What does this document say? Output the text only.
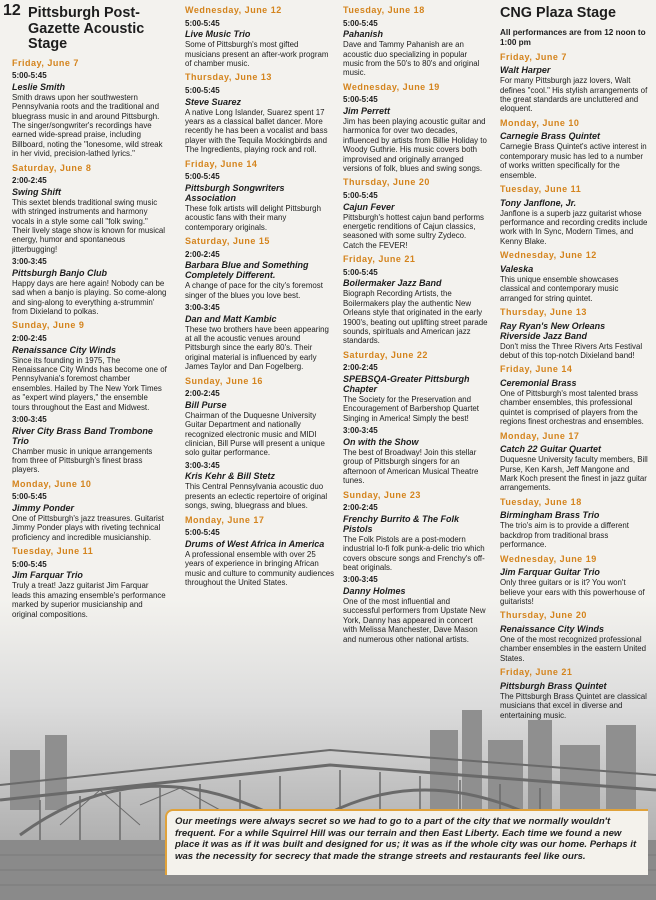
12 Pittsburgh Post-Gazette Acoustic Stage
Friday, June 7
5:00-5:45
Leslie Smith
Smith draws upon her southwestern Pennsylvania roots and the traditional and bluegrass music in and around Pittsburgh. The singer/songwriter's recordings have earned wide-spread praise, including Billboard, noting the "lonesome, wild streak in her vivid, precision-lathed lyrics."
Saturday, June 8
2:00-2:45
Swing Shift
This sextet blends traditional swing music with stringed instruments and harmony vocals in a style some call "folk swing." Their lively stage show is known for musical energy, humor and spontaneous jitterbugging!
3:00-3:45
Pittsburgh Banjo Club
Happy days are here again! Nobody can be sad when a banjo is playing. So come-along and sing-along to everything a-strummin' from Dixieland to polkas.
Sunday, June 9
2:00-2:45
Renaissance City Winds
Since its founding in 1975, The Renaissance City Winds has become one of Pennsylvania's foremost chamber ensembles. Hailed by The New York Times as "expert wind players," the ensemble tours throughout the East and Midwest.
3:00-3:45
River City Brass Band Trombone Trio
Chamber music in unique arrangements from three of Pittsburgh's finest brass players.
Monday, June 10
5:00-5:45
Jimmy Ponder
One of Pittsburgh's jazz treasures. Guitarist Jimmy Ponder plays with riveting technical proficiency and incredible musicianship.
Tuesday, June 11
5:00-5:45
Jim Farquar Trio
Truly a treat! Jazz guitarist Jim Farquar leads this amazing ensemble's performance marked by superior musicianship and original compositions.
Wednesday, June 12
5:00-5:45
Live Music Trio
Some of Pittsburgh's most gifted musicians present an after-work program of chamber music.
Thursday, June 13
5:00-5:45
Steve Suarez
A native Long Islander, Suarez spent 17 years as a classical ballet dancer. More recently he has been a vocalist and bass player with the Tequila Mockingbirds and The Ingredients, playing rock and roll.
Friday, June 14
5:00-5:45
Pittsburgh Songwriters Association
These folk artists will delight Pittsburgh acoustic fans with their many contemporary originals.
Saturday, June 15
2:00-2:45
Barbara Blue and Something Completely Different.
A change of pace for the city's foremost singer of the blues you love best.
3:00-3:45
Dan and Matt Kambic
These two brothers have been appearing at all the acoustic venues around Pittsburgh since the early 80's. Their original material is influenced by early James Taylor and Dan Fogelberg.
Sunday, June 16
2:00-2:45
Bill Purse
Chairman of the Duquesne University Guitar Department and nationally recognized electronic music and MIDI clinician, Bill Purse will present a unique solo guitar performance.
3:00-3:45
Kris Kehr & Bill Stetz
This Central Pennsylvania acoustic duo presents an eclectic repertoire of original songs, swing, bluegrass and blues.
Monday, June 17
5:00-5:45
Drums of West Africa in America
A professional ensemble with over 25 years of experience in bringing African music and culture to community audiences throughout the United States.
Tuesday, June 18
5:00-5:45
Pahanish
Dave and Tammy Pahanish are an acoustic duo specializing in popular music from the 50's to 80's and original music.
Wednesday, June 19
5:00-5:45
Jim Perrett
Jim has been playing acoustic guitar and harmonica for over two decades, influenced by artists from Billie Holiday to Woody Guthrie. His music covers both improvised and originally arranged versions of folk, blues and swing songs.
Thursday, June 20
5:00-5:45
Cajun Fever
Pittsburgh's hottest cajun band performs energetic renditions of Cajun classics, seasoned with some sultry Zydeco. Catch the FEVER!
Friday, June 21
5:00-5:45
Boilermaker Jazz Band
Biograph Recording Artists, the Boilermakers play the authentic New Orleans style that originated in the early 1900's, beating out uplifting street parade sounds, spirituals and American jazz standards.
Saturday, June 22
2:00-2:45
SPEBSQA-Greater Pittsburgh Chapter
The Society for the Preservation and Encouragement of Barbershop Quartet Singing in America! Simply the best!
3:00-3:45
On with the Show
The best of Broadway! Join this stellar group of Pittsburgh singers for an afternoon of American Musical Theatre tunes.
Sunday, June 23
2:00-2:45
Frenchy Burrito & The Folk Pistols
The Folk Pistols are a post-modern industrial lo-fi folk punk-a-delic trio which covers obscure songs and Frenchy's off-beat originals.
3:00-3:45
Danny Holmes
One of the most influential and successful performers from Upstate New York, Danny has appeared in concert with Melissa Manchester, Dave Mason and numerous other national artists.
CNG Plaza Stage
All performances are from 12 noon to 1:00 pm
Friday, June 7
Walt Harper
For many Pittsburgh jazz lovers, Walt defines "cool." His stylish arrangements of the great standards are uncluttered and eloquent.
Monday, June 10
Carnegie Brass Quintet
Carnegie Brass Quintet's active interest in contemporary music has led to a number of works written specifically for the ensemble.
Tuesday, June 11
Tony Janflone, Jr.
Janflone is a superb jazz guitarist whose performance and recording credits include work with In Sync, Modern Times, and Kenny Blake.
Wednesday, June 12
Valeska
This unique ensemble showcases classical and contemporary music arranged for string quintet.
Thursday, June 13
Ray Ryan's New Orleans Riverside Jazz Band
Don't miss the Three Rivers Arts Festival debut of this top-notch Dixieland band!
Friday, June 14
Ceremonial Brass
One of Pittsburgh's most talented brass chamber ensembles, this professional quintet is comprised of players from the regions finest orchestras and ensembles.
Monday, June 17
Catch 22 Guitar Quartet
Duquesne University faculty members, Bill Purse, Ken Karsh, Jeff Mangone and Mark Koch present the finest in jazz guitar arrangements.
Tuesday, June 18
Birmingham Brass Trio
The trio's aim is to provide a different backdrop from traditional brass performance.
Wednesday, June 19
Jim Farquar Guitar Trio
Only three guitars or is it? You won't believe your ears with this powerhouse of guitarists!
Thursday, June 20
Renaissance City Winds
One of the most recognized professional chamber ensembles in the eastern United States.
Friday, June 21
Pittsburgh Brass Quintet
The Pittsburgh Brass Quintet are classical musicians that excel in diverse and entertaining music.
Our meetings were always secret so we had to go to a part of the city that we normally wouldn't frequent. For a while Squirrel Hill was our terrain and then East Liberty. Each time we found a new place it was as if it was built and designed for us; it was as if the whole city was our home. Perhaps it was the necessity for secrecy that made the strange streets and restaurants feel like ours.
